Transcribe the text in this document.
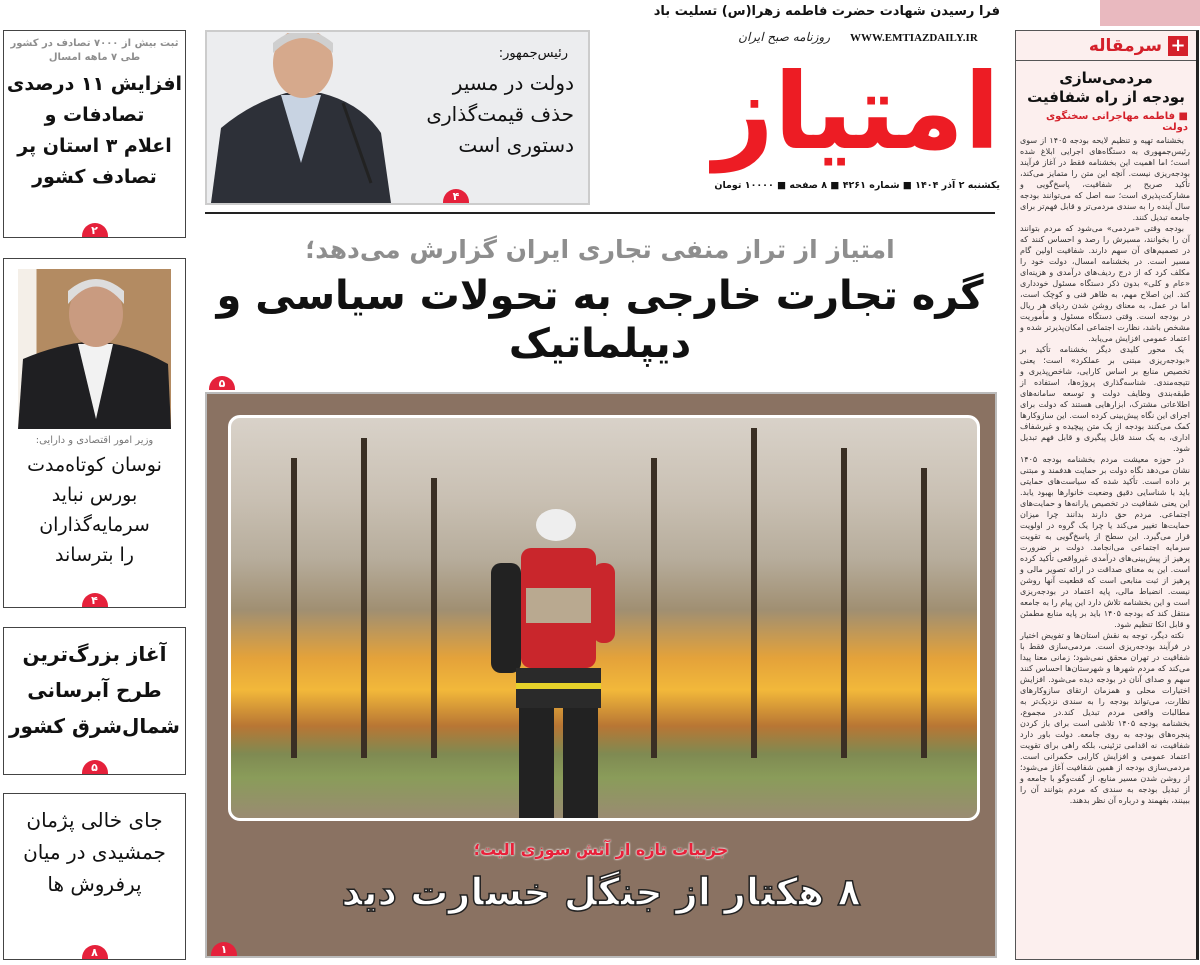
فرا رسیدن شهادت حضرت فاطمه زهرا(س) تسلیت باد
+
سرمقاله
مردمی‌سازی
بودجه از راه شفافیت
■ فاطمه مهاجرانی سخنگوی دولت

بخشنامه تهیه و تنظیم لایحه بودجه ۱۴۰۵ از سوی رئیس‌جمهوری به دستگاه‌های اجرایی ابلاغ شده است؛ اما اهمیت این بخشنامه فقط در آغاز فرآیند بودجه‌ریزی نیست. آنچه این متن را متمایز می‌کند، تأکید صریح بر شفافیت، پاسخ‌گویی و مشارکت‌پذیری است؛ سه اصل که می‌توانند بودجه سال آینده را به سندی مردمی‌تر و قابل فهم‌تر برای جامعه تبدیل کنند.

بودجه وقتی «مردمی» می‌شود که مردم بتوانند آن را بخوانند، مسیرش را رصد و احساس کنند که در تصمیم‌های آن سهم دارند. شفافیت اولین گام مسیر است. در بخشنامه امسال، دولت خود را مکلف کرد که از درج ردیف‌های درآمدی و هزینه‌ای «عام و کلی» بدون ذکر دستگاه مسئول خودداری کند. این اصلاح مهم، به ظاهر فنی و کوچک است، اما در عمل، به معنای روشن شدن ردپای هر ریال در بودجه است. وقتی دستگاه مسئول و مأموریت مشخص باشد، نظارت اجتماعی امکان‌پذیرتر شده و اعتماد عمومی افزایش می‌یابد.

یک محور کلیدی دیگر بخشنامه تأکید بر «بودجه‌ریزی مبتنی بر عملکرد» است؛ یعنی تخصیص منابع بر اساس کارایی، شاخص‌پذیری و نتیجه‌مندی. شناسه‌گذاری پروژه‌ها، استفاده از طبقه‌بندی وظایف دولت و توسعه سامانه‌های اطلاعاتی مشترک، ابزارهایی هستند که دولت برای اجرای این نگاه پیش‌بینی کرده است. این سازوکارها کمک می‌کنند بودجه از یک متن پیچیده و غیرشفاف اداری، به یک سند قابل پیگیری و قابل فهم تبدیل شود.

در حوزه معیشت مردم بخشنامه بودجه ۱۴۰۵ نشان می‌دهد نگاه دولت بر حمایت هدفمند و مبتنی بر داده است. تأکید شده که سیاست‌های حمایتی باید با شناسایی دقیق وضعیت خانوارها بهبود یابد. این یعنی شفافیت در تخصیص یارانه‌ها و حمایت‌های اجتماعی. مردم حق دارند بدانند چرا میزان حمایت‌ها تغییر می‌کند یا چرا یک گروه در اولویت قرار می‌گیرد. این سطح از پاسخ‌گویی به تقویت سرمایه اجتماعی می‌انجامد. دولت بر ضرورت پرهیز از پیش‌بینی‌های درآمدی غیرواقعی تأکید کرده است. این به معنای صداقت در ارائه تصویر مالی و پرهیز از ثبت منابعی است که قطعیت آنها روشن نیست. انضباط مالی، پایه اعتماد در بودجه‌ریزی است و این بخشنامه تلاش دارد این پیام را به جامعه منتقل کند که بودجه ۱۴۰۵ باید بر پایه منابع مطمئن و قابل اتکا تنظیم شود.

نکته دیگر، توجه به نقش استان‌ها و تفویض اختیار در فرآیند بودجه‌ریزی است. مردمی‌سازی فقط با شفافیت در تهران محقق نمی‌شود؛ زمانی معنا پیدا می‌کند که مردم شهرها و شهرستان‌ها احساس کنند سهم و صدای آنان در بودجه دیده می‌شود. افزایش اختیارات محلی و همزمان ارتقای سازوکارهای نظارت، می‌تواند بودجه را به سندی نزدیک‌تر به مطالبات واقعی مردم تبدیل کند.در مجموع، بخشنامه بودجه ۱۴۰۵ تلاشی است برای باز کردن پنجره‌های بودجه به روی جامعه. دولت باور دارد شفافیت، نه اقدامی تزئینی، بلکه راهی برای تقویت اعتماد عمومی و افزایش کارایی حکمرانی است. مردمی‌سازی بودجه از همین شفافیت آغاز می‌شود؛ از روشن شدن مسیر منابع، از گفت‌وگو با جامعه و از تبدیل بودجه به سندی که مردم بتوانند آن را ببینند، بفهمند و درباره آن نظر بدهند.

امتیاز
WWW.EMTIAZDAILY.IR
روزنامه صبح ایران
یکشنبه ۲ آذر ۱۴۰۴ ■ شماره ۴۲۶۱ ■ ۸ صفحه ■ ۱۰۰۰۰ تومان
رئیس‌جمهور:
دولت در مسیر
حذف قیمت‌گذاری
دستوری است
۴
امتیاز از تراز منفی تجاری ایران گزارش می‌دهد؛
گره تجارت خارجی به تحولات سیاسی و دیپلماتیک
۵
جزییات تازه از آتش سوزی الیت؛
۸ هکتار از جنگل خسارت دید
۱
ثبت بیش از ۷۰۰۰ تصادف در کشور
طی ۷ ماهه امسال
افزایش ۱۱ درصدی
تصادفات و
اعلام ۳ استان پر
تصادف کشور
۲
وزیر امور اقتصادی و دارایی:
نوسان کوتاه‌مدت
بورس نباید
سرمایه‌گذاران
را بترساند
۴
آغاز بزرگ‌ترین
طرح آبرسانی
شمال‌شرق کشور
۵
جای خالی پژمان
جمشیدی در میان
پرفروش ها
۸
